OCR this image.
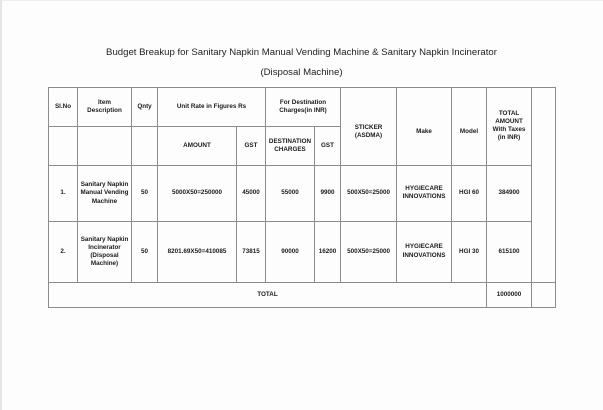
Budget Breakup for Sanitary Napkin Manual Vending Machine & Sanitary Napkin Incinerator
(Disposal Machine)
Sl.No	Item Description	Qnty	Unit Rate in Figures Rs		For Destination Charges(in INR)		STICKER (ASDMA)	Make	Model	TOTAL AMOUNT With Taxes (in INR)	
			AMOUNT	GST	DESTINATION CHARGES	GST					
1.	Sanitary Napkin Manual Vending Machine	50	5000X50=250000	45000	55000	9900	500X50=25000	HYGIECARE INNOVATIONS	HGI 60	384900	
2.	Sanitary Napkin Incinerator (Disposal Machine)	50	8201.69X50=410085	73815	90000	16200	500X50=25000	HYGIECARE INNOVATIONS	HGI 30	615100	
TOTAL										1000000	
